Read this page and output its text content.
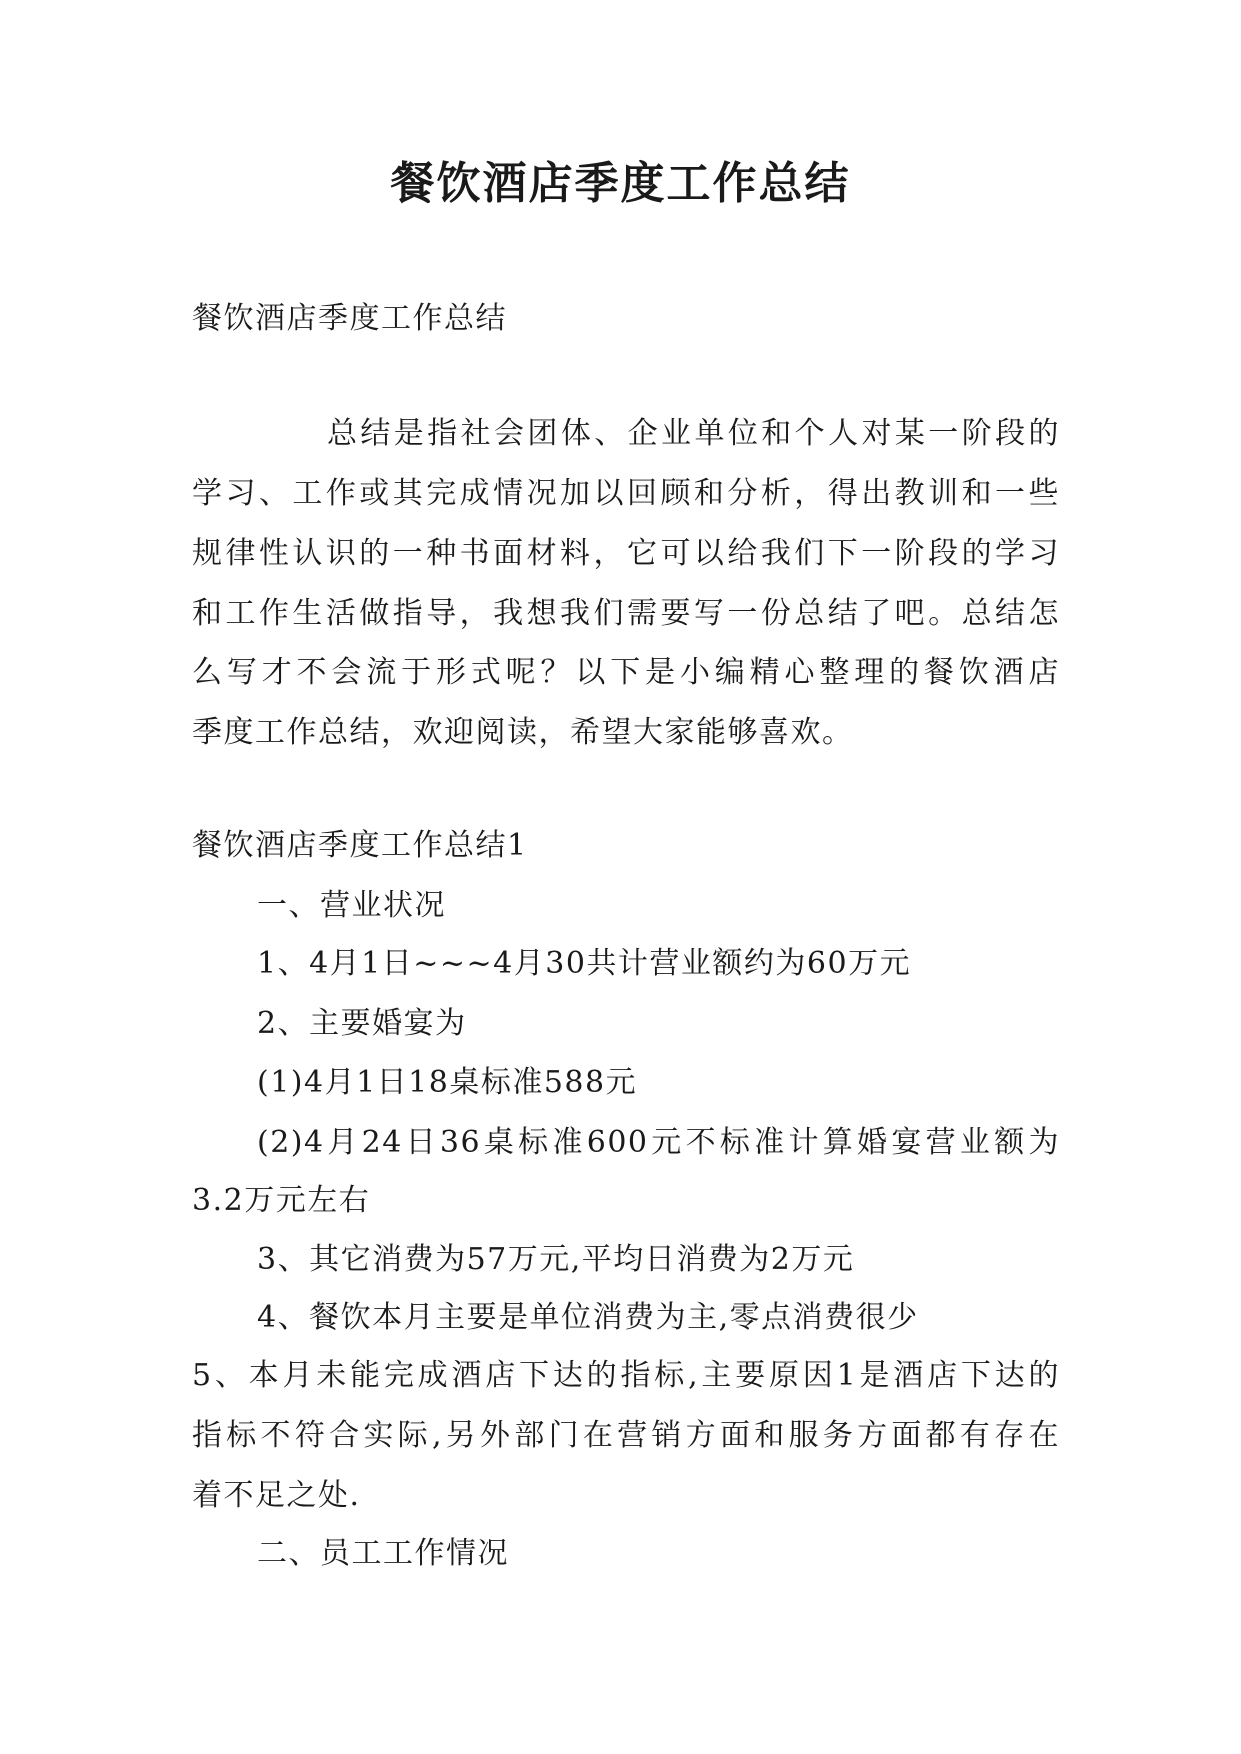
餐饮酒店季度工作总结
餐饮酒店季度工作总结
总结是指社会团体、企业单位和个人对某一阶段的
学习、工作或其完成情况加以回顾和分析，得出教训和一些
规律性认识的一种书面材料，它可以给我们下一阶段的学习
和工作生活做指导，我想我们需要写一份总结了吧。总结怎
么写才不会流于形式呢？以下是小编精心整理的餐饮酒店
季度工作总结，欢迎阅读，希望大家能够喜欢。
餐饮酒店季度工作总结1
一、营业状况
1、4月1日~~~4月30共计营业额约为60万元
2、主要婚宴为
(1)4月1日18桌标准588元
(2)4月24日36桌标准600元不标准计算婚宴营业额为
3.2万元左右
3、其它消费为57万元,平均日消费为2万元
4、餐饮本月主要是单位消费为主,零点消费很少
5、本月未能完成酒店下达的指标,主要原因1是酒店下达的
指标不符合实际,另外部门在营销方面和服务方面都有存在
着不足之处.
二、员工工作情况
